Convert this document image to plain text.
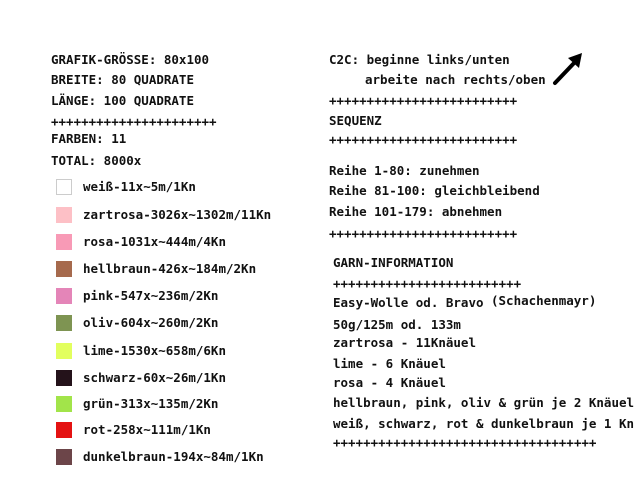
GRAFIK-GRÖSSE: 80x100
BREITE: 80 QUADRATE
LÄNGE: 100 QUADRATE
++++++++++++++++++++++
FARBEN: 11
TOTAL: 8000x
weiß-11x~5m/1Kn
zartrosa-3026x~1302m/11Kn
rosa-1031x~444m/4Kn
hellbraun-426x~184m/2Kn
pink-547x~236m/2Kn
oliv-604x~260m/2Kn
lime-1530x~658m/6Kn
schwarz-60x~26m/1Kn
grün-313x~135m/2Kn
rot-258x~111m/1Kn
dunkelbraun-194x~84m/1Kn
C2C: beginne links/unten
arbeite nach rechts/oben
+++++++++++++++++++++++++
SEQUENZ
+++++++++++++++++++++++++
Reihe 1-80: zunehmen
Reihe 81-100: gleichbleibend
Reihe 101-179: abnehmen
+++++++++++++++++++++++++
GARN-INFORMATION
+++++++++++++++++++++++++
Easy-Wolle od. Bravo (Schachenmayr)
50g/125m od. 133m
zartrosa - 11Knäuel
lime - 6 Knäuel
rosa - 4 Knäuel
hellbraun, pink, oliv & grün je 2 Knäuel
weiß, schwarz, rot & dunkelbraun je 1 Kn
+++++++++++++++++++++++++++++++++++
